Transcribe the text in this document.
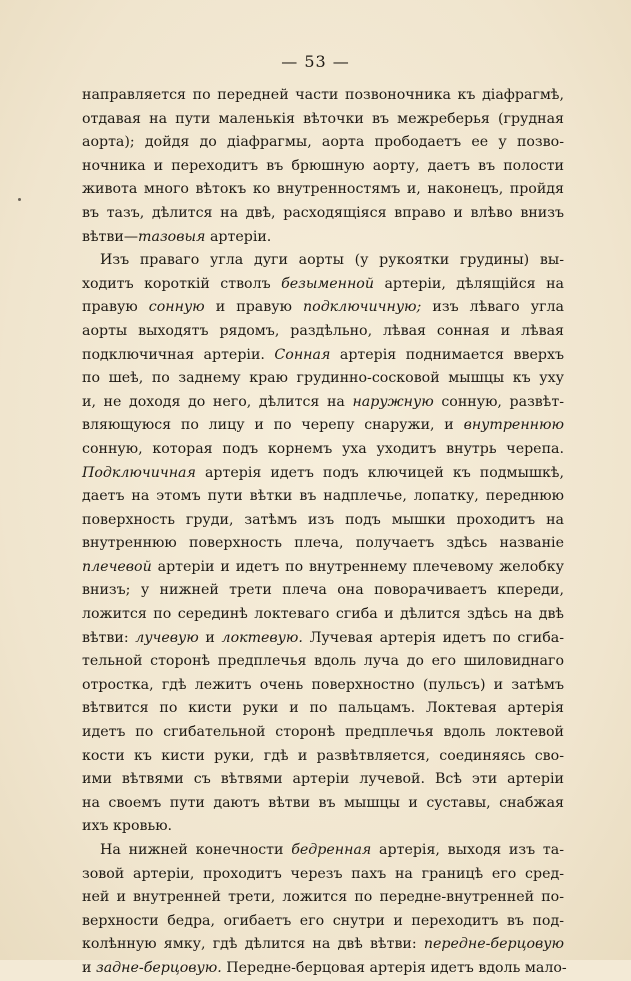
— 53 —
направляется по передней части позвоночника къ діафрагмѣ,
отдавая на пути маленькія вѣточки въ межреберья (грудная
аорта); дойдя до діафрагмы, аорта прободаетъ ее у позво-
ночника и переходитъ въ брюшную аорту, даетъ въ полости
живота много вѣтокъ ко внутренностямъ и, наконецъ, пройдя
въ тазъ, дѣлится на двѣ, расходящіяся вправо и влѣво внизъ
вѣтви—тазовыя артеріи.
Изъ праваго угла дуги аорты (у рукоятки грудины) вы-
ходитъ короткій стволъ безыменной артеріи, дѣлящійся на
правую сонную и правую подключичную; изъ лѣваго угла
аорты выходятъ рядомъ, раздѣльно, лѣвая сонная и лѣвая
подключичная артеріи. Сонная артерія поднимается вверхъ
по шеѣ, по заднему краю грудинно-сосковой мышцы къ уху
и, не доходя до него, дѣлится на наружную сонную, развѣт-
вляющуюся по лицу и по черепу снаружи, и внутреннюю
сонную, которая подъ корнемъ уха уходитъ внутрь черепа.
Подключичная артерія идетъ подъ ключицей къ подмышкѣ,
даетъ на этомъ пути вѣтки въ надплечье, лопатку, переднюю
поверхность груди, затѣмъ изъ подъ мышки проходитъ на
внутреннюю поверхность плеча, получаетъ здѣсь названіе
плечевой артеріи и идетъ по внутреннему плечевому желобку
внизъ; у нижней трети плеча она поворачиваетъ кпереди,
ложится по серединѣ локтеваго сгиба и дѣлится здѣсь на двѣ
вѣтви: лучевую и локтевую. Лучевая артерія идетъ по сгиба-
тельной сторонѣ предплечья вдоль луча до его шиловиднаго
отростка, гдѣ лежитъ очень поверхностно (пульсъ) и затѣмъ
вѣтвится по кисти руки и по пальцамъ. Локтевая артерія
идетъ по сгибательной сторонѣ предплечья вдоль локтевой
кости къ кисти руки, гдѣ и развѣтвляется, соединяясь сво-
ими вѣтвями съ вѣтвями артеріи лучевой. Всѣ эти артеріи
на своемъ пути даютъ вѣтви въ мышцы и суставы, снабжая
ихъ кровью.
На нижней конечности бедренная артерія, выходя изъ та-
зовой артеріи, проходитъ черезъ пахъ на границѣ его сред-
ней и внутренней трети, ложится по передне-внутренней по-
верхности бедра, огибаетъ его снутри и переходитъ въ под-
колѣнную ямку, гдѣ дѣлится на двѣ вѣтви: передне-берцовую
и задне-берцовую. Передне-берцовая артерія идетъ вдоль мало-
